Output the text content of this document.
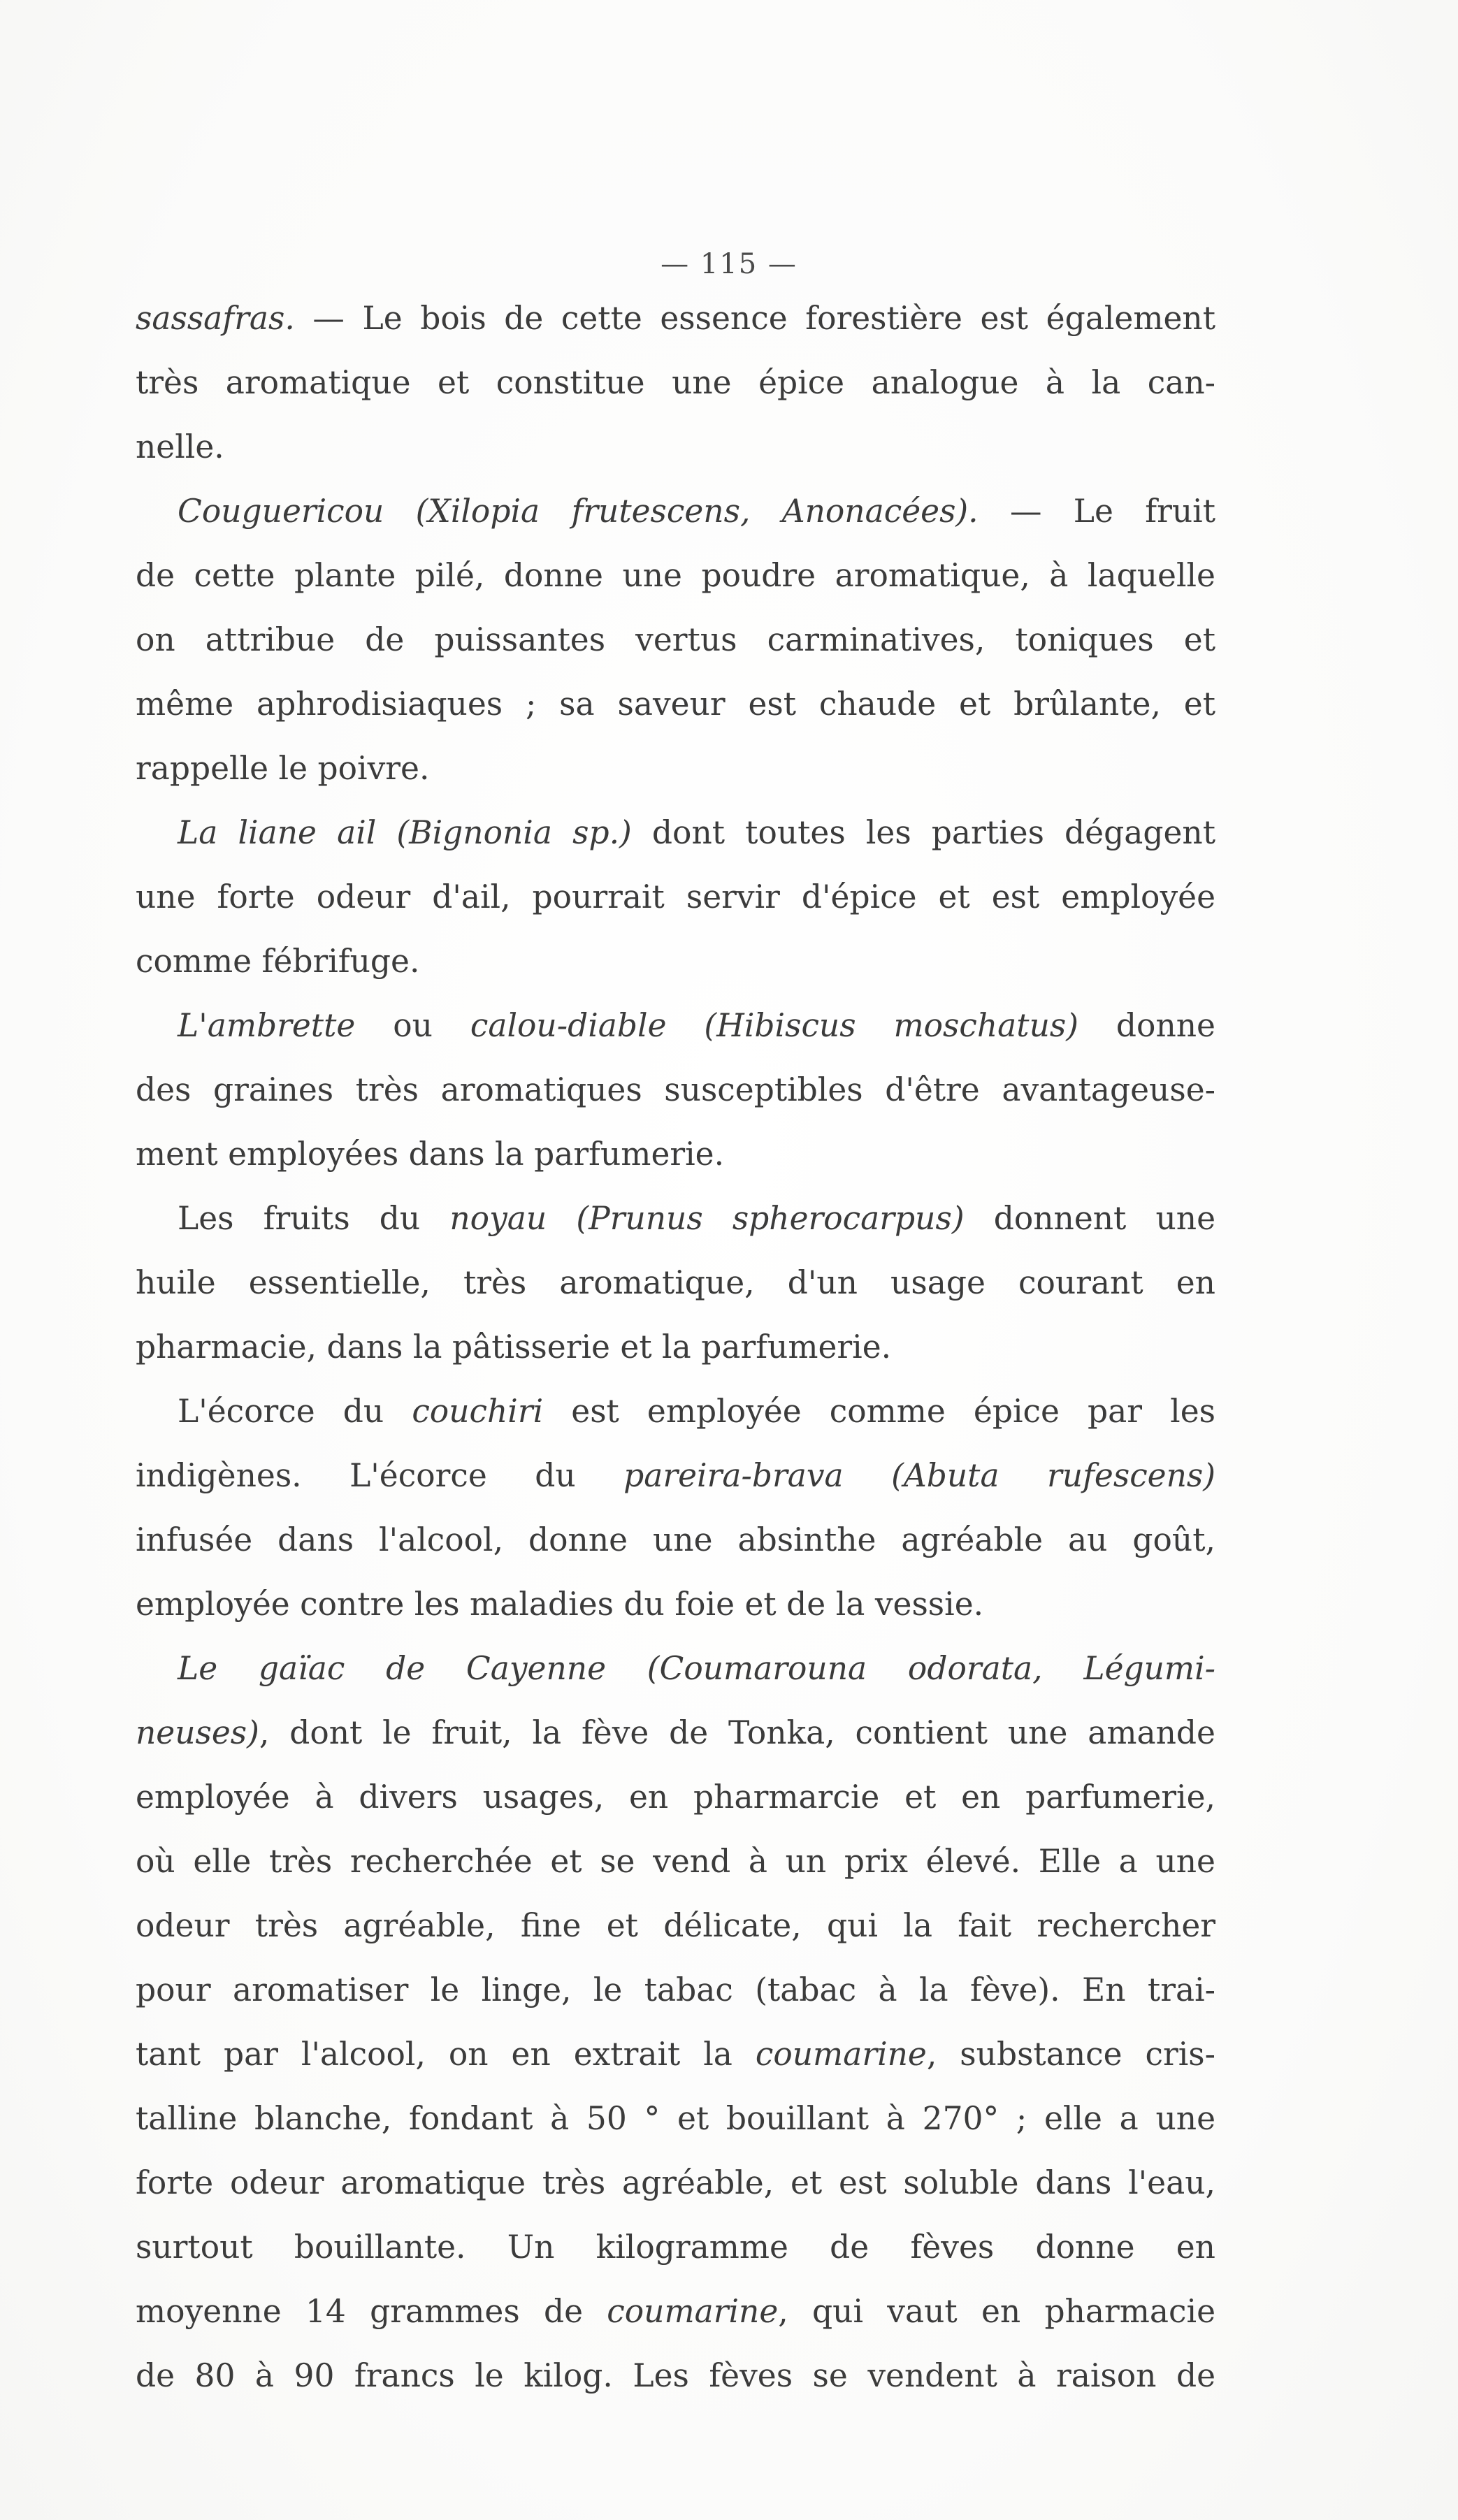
— 115 —
sassafras. — Le bois de cette essence forestière est également
très aromatique et constitue une épice analogue à la can-
nelle.
Couguericou (Xilopia frutescens, Anonacées). — Le fruit
de cette plante pilé, donne une poudre aromatique, à laquelle
on attribue de puissantes vertus carminatives, toniques et
même aphrodisiaques ; sa saveur est chaude et brûlante, et
rappelle le poivre.
La liane ail (Bignonia sp.) dont toutes les parties dégagent
une forte odeur d'ail, pourrait servir d'épice et est employée
comme fébrifuge.
L'ambrette ou calou-diable (Hibiscus moschatus) donne
des graines très aromatiques susceptibles d'être avantageuse-
ment employées dans la parfumerie.
Les fruits du noyau (Prunus spherocarpus) donnent une
huile essentielle, très aromatique, d'un usage courant en
pharmacie, dans la pâtisserie et la parfumerie.
L'écorce du couchiri est employée comme épice par les
indigènes. L'écorce du pareira-brava (Abuta rufescens)
infusée dans l'alcool, donne une absinthe agréable au goût,
employée contre les maladies du foie et de la vessie.
Le gaïac de Cayenne (Coumarouna odorata, Légumi-
neuses), dont le fruit, la fève de Tonka, contient une amande
employée à divers usages, en pharmarcie et en parfumerie,
où elle très recherchée et se vend à un prix élevé. Elle a une
odeur très agréable, fine et délicate, qui la fait rechercher
pour aromatiser le linge, le tabac (tabac à la fève). En trai-
tant par l'alcool, on en extrait la coumarine, substance cris-
talline blanche, fondant à 50 ° et bouillant à 270° ; elle a une
forte odeur aromatique très agréable, et est soluble dans l'eau,
surtout bouillante. Un kilogramme de fèves donne en
moyenne 14 grammes de coumarine, qui vaut en pharmacie
de 80 à 90 francs le kilog. Les fèves se vendent à raison de
